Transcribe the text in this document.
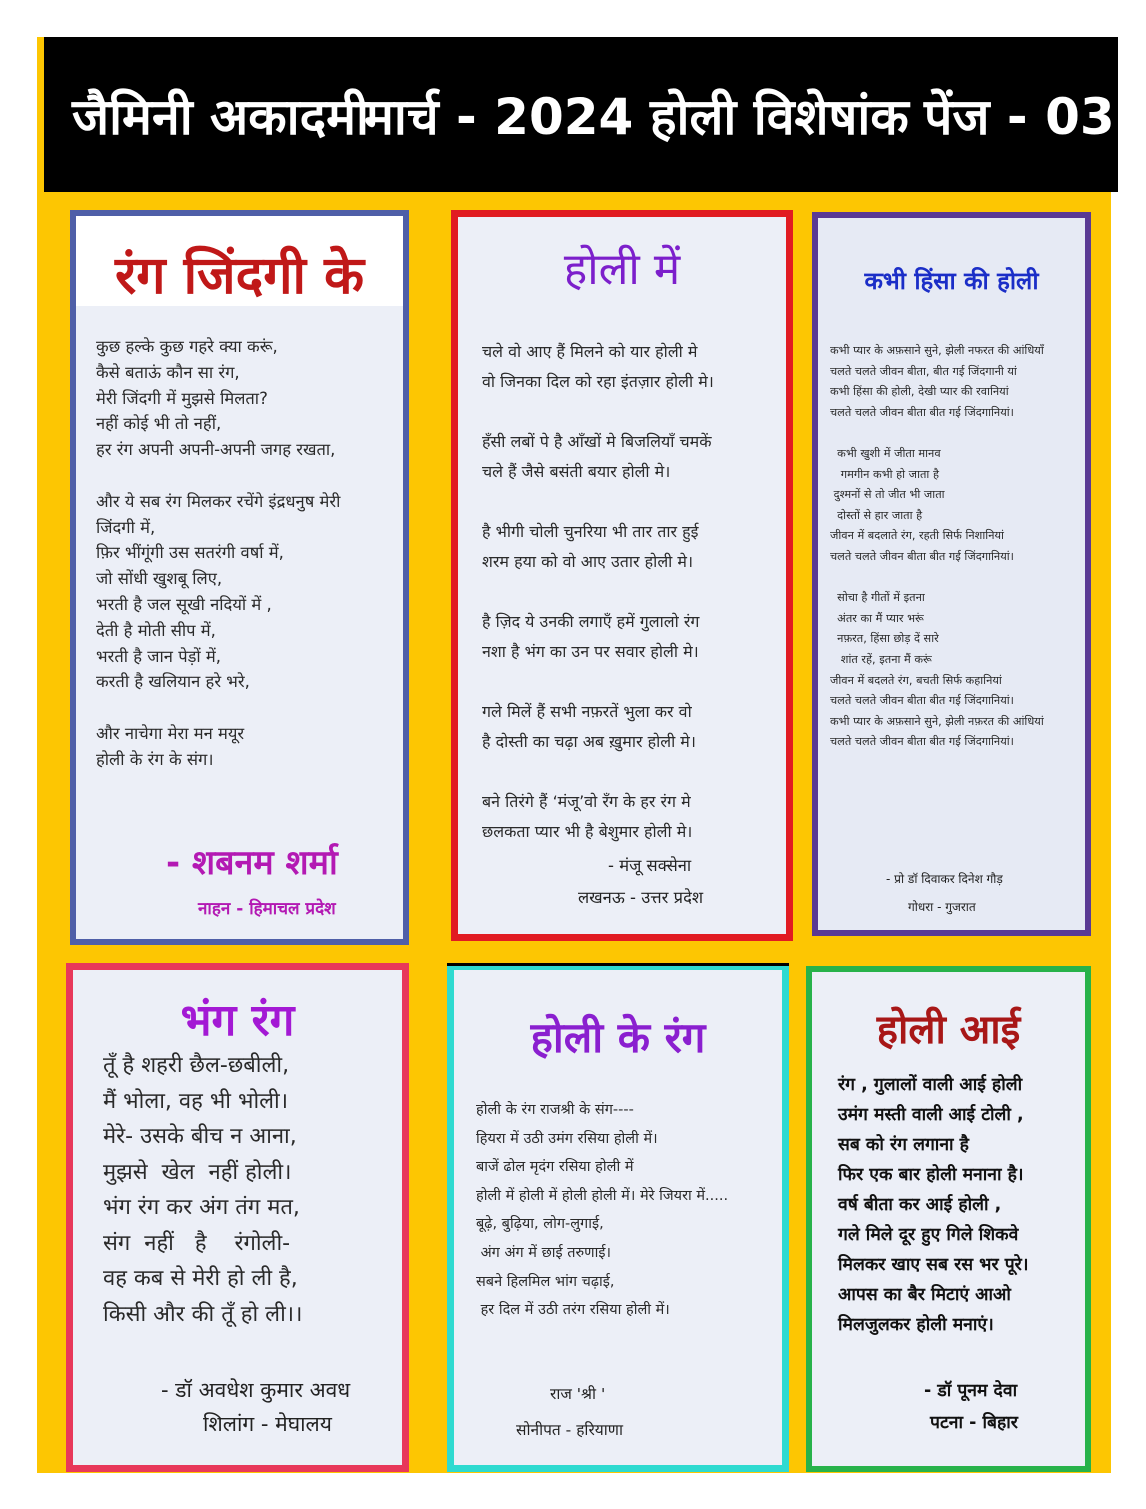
जैमिनी अकादमी
मार्च - 2024 होली विशेषांक पेंज - 03
रंग जिंदगी के
कुछ हल्के कुछ गहरे क्या करूं,
कैसे बताऊं कौन सा रंग,
मेरी जिंदगी में मुझसे मिलता?
नहीं कोई भी तो नहीं,
हर रंग अपनी अपनी-अपनी जगह रखता,

और ये सब रंग मिलकर रचेंगे इंद्रधनुष मेरी
जिंदगी में,
फ़िर भींगूंगी उस सतरंगी वर्षा में,
जो सोंधी खुशबू लिए,
भरती है जल सूखी नदियों में ,
देती है मोती सीप में,
भरती है जान पेड़ों में,
करती है खलियान हरे भरे,

और नाचेगा मेरा मन मयूर
होली के रंग के संग।
- शबनम शर्मा
नाहन - हिमाचल प्रदेश
होली में
चले वो आए हैं मिलने को यार होली मे
वो जिनका दिल को रहा इंतज़ार होली मे।

हँसी लबों पे है आँखों मे बिजलियाँ चमकें
चले हैं जैसे बसंती बयार होली मे।

है भीगी चोली चुनरिया भी तार तार हुई
शरम हया को वो आए उतार होली मे।

है ज़िद ये उनकी लगाएँ हमें गुलालो रंग
नशा है भंग का उन पर सवार होली मे।

गले मिलें हैं सभी नफ़रतें भुला कर वो
है दोस्ती का चढ़ा अब ख़ुमार होली मे।

बने तिरंगे हैं ‘मंजू’वो रँग के हर रंग मे
छलकता प्यार भी है बेशुमार होली मे।
- मंजू सक्सेना
लखनऊ - उत्तर प्रदेश
कभी हिंसा की होली
कभी प्यार के अफ़साने सुने, झेली नफरत की आंधियाँ
चलते चलते जीवन बीता, बीत गई जिंदगानी यां
कभी हिंसा की होली, देखी प्यार की रवानियां
चलते चलते जीवन बीता बीत गई जिंदगानियां।

कभी खुशी में जीता मानव
गमगीन कभी हो जाता है
दुश्मनों से तो जीत भी जाता
दोस्तों से हार जाता है
जीवन में बदलाते रंग, रहती सिर्फ निशानियां
चलते चलते जीवन बीता बीत गई जिंदगानियां।

सोचा है गीतों में इतना
अंतर का मैं प्यार भरूं
नफ़रत, हिंसा छोड़ दें सारे
शांत रहें, इतना मैं करूं
जीवन में बदलते रंग, बचती सिर्फ कहानियां
चलते चलते जीवन बीता बीत गई जिंदगानियां।
कभी प्यार के अफ़साने सुने, झेली नफ़रत की आंधियां
चलते चलते जीवन बीता बीत गई जिंदगानियां।
- प्रो डॉ दिवाकर दिनेश गौड़
गोधरा - गुजरात
भंग रंग
तूँ है शहरी छैल-छबीली,
मैं भोला, वह भी भोली।
मेरे- उसके बीच न आना,
मुझसे  खेल  नहीं होली।
भंग रंग कर अंग तंग मत,
संग  नहीं   है    रंगोली-
वह कब से मेरी हो ली है,
किसी और की तूँ हो ली।।
- डॉ अवधेश कुमार अवध
शिलांग - मेघालय
होली के रंग
होली के रंग राजश्री के संग----
हियरा में उठी उमंग रसिया होली में।
बाजें ढोल मृदंग रसिया होली में
होली में होली में होली होली में। मेरे जियरा में.....
बूढ़े, बुढ़िया, लोग-लुगाई,
अंग अंग में छाई तरुणाई।
सबने हिलमिल भांग चढ़ाई,
हर दिल में उठी तरंग रसिया होली में।
राज 'श्री '
सोनीपत - हरियाणा
होली आई
रंग , गुलालों वाली आई होली
उमंग मस्ती वाली आई टोली ,
सब को रंग लगाना है
फिर एक बार होली मनाना है।
वर्ष बीता कर आई होली ,
गले मिले दूर हुए गिले शिकवे
मिलकर खाए सब रस भर पूरे।
आपस का बैर मिटाएं आओ
मिलजुलकर होली मनाएं।
- डॉ पूनम देवा
पटना - बिहार
